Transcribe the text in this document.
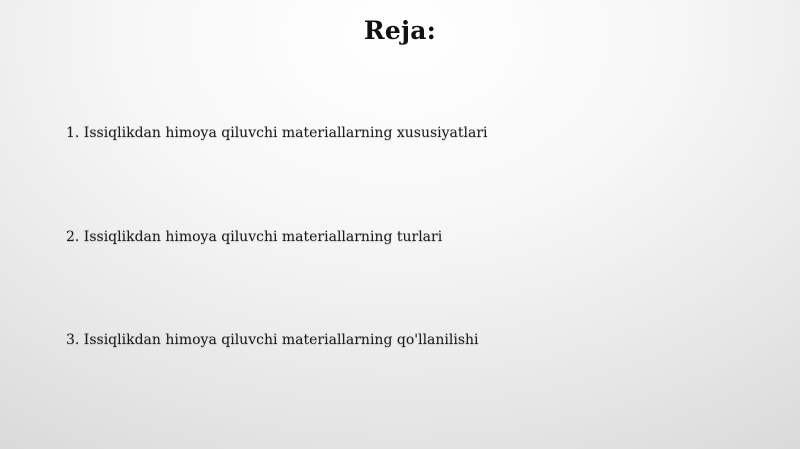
Reja:
1. Issiqlikdan himoya qiluvchi materiallarning xususiyatlari
2. Issiqlikdan himoya qiluvchi materiallarning turlari
3. Issiqlikdan himoya qiluvchi materiallarning qo'llanilishi
